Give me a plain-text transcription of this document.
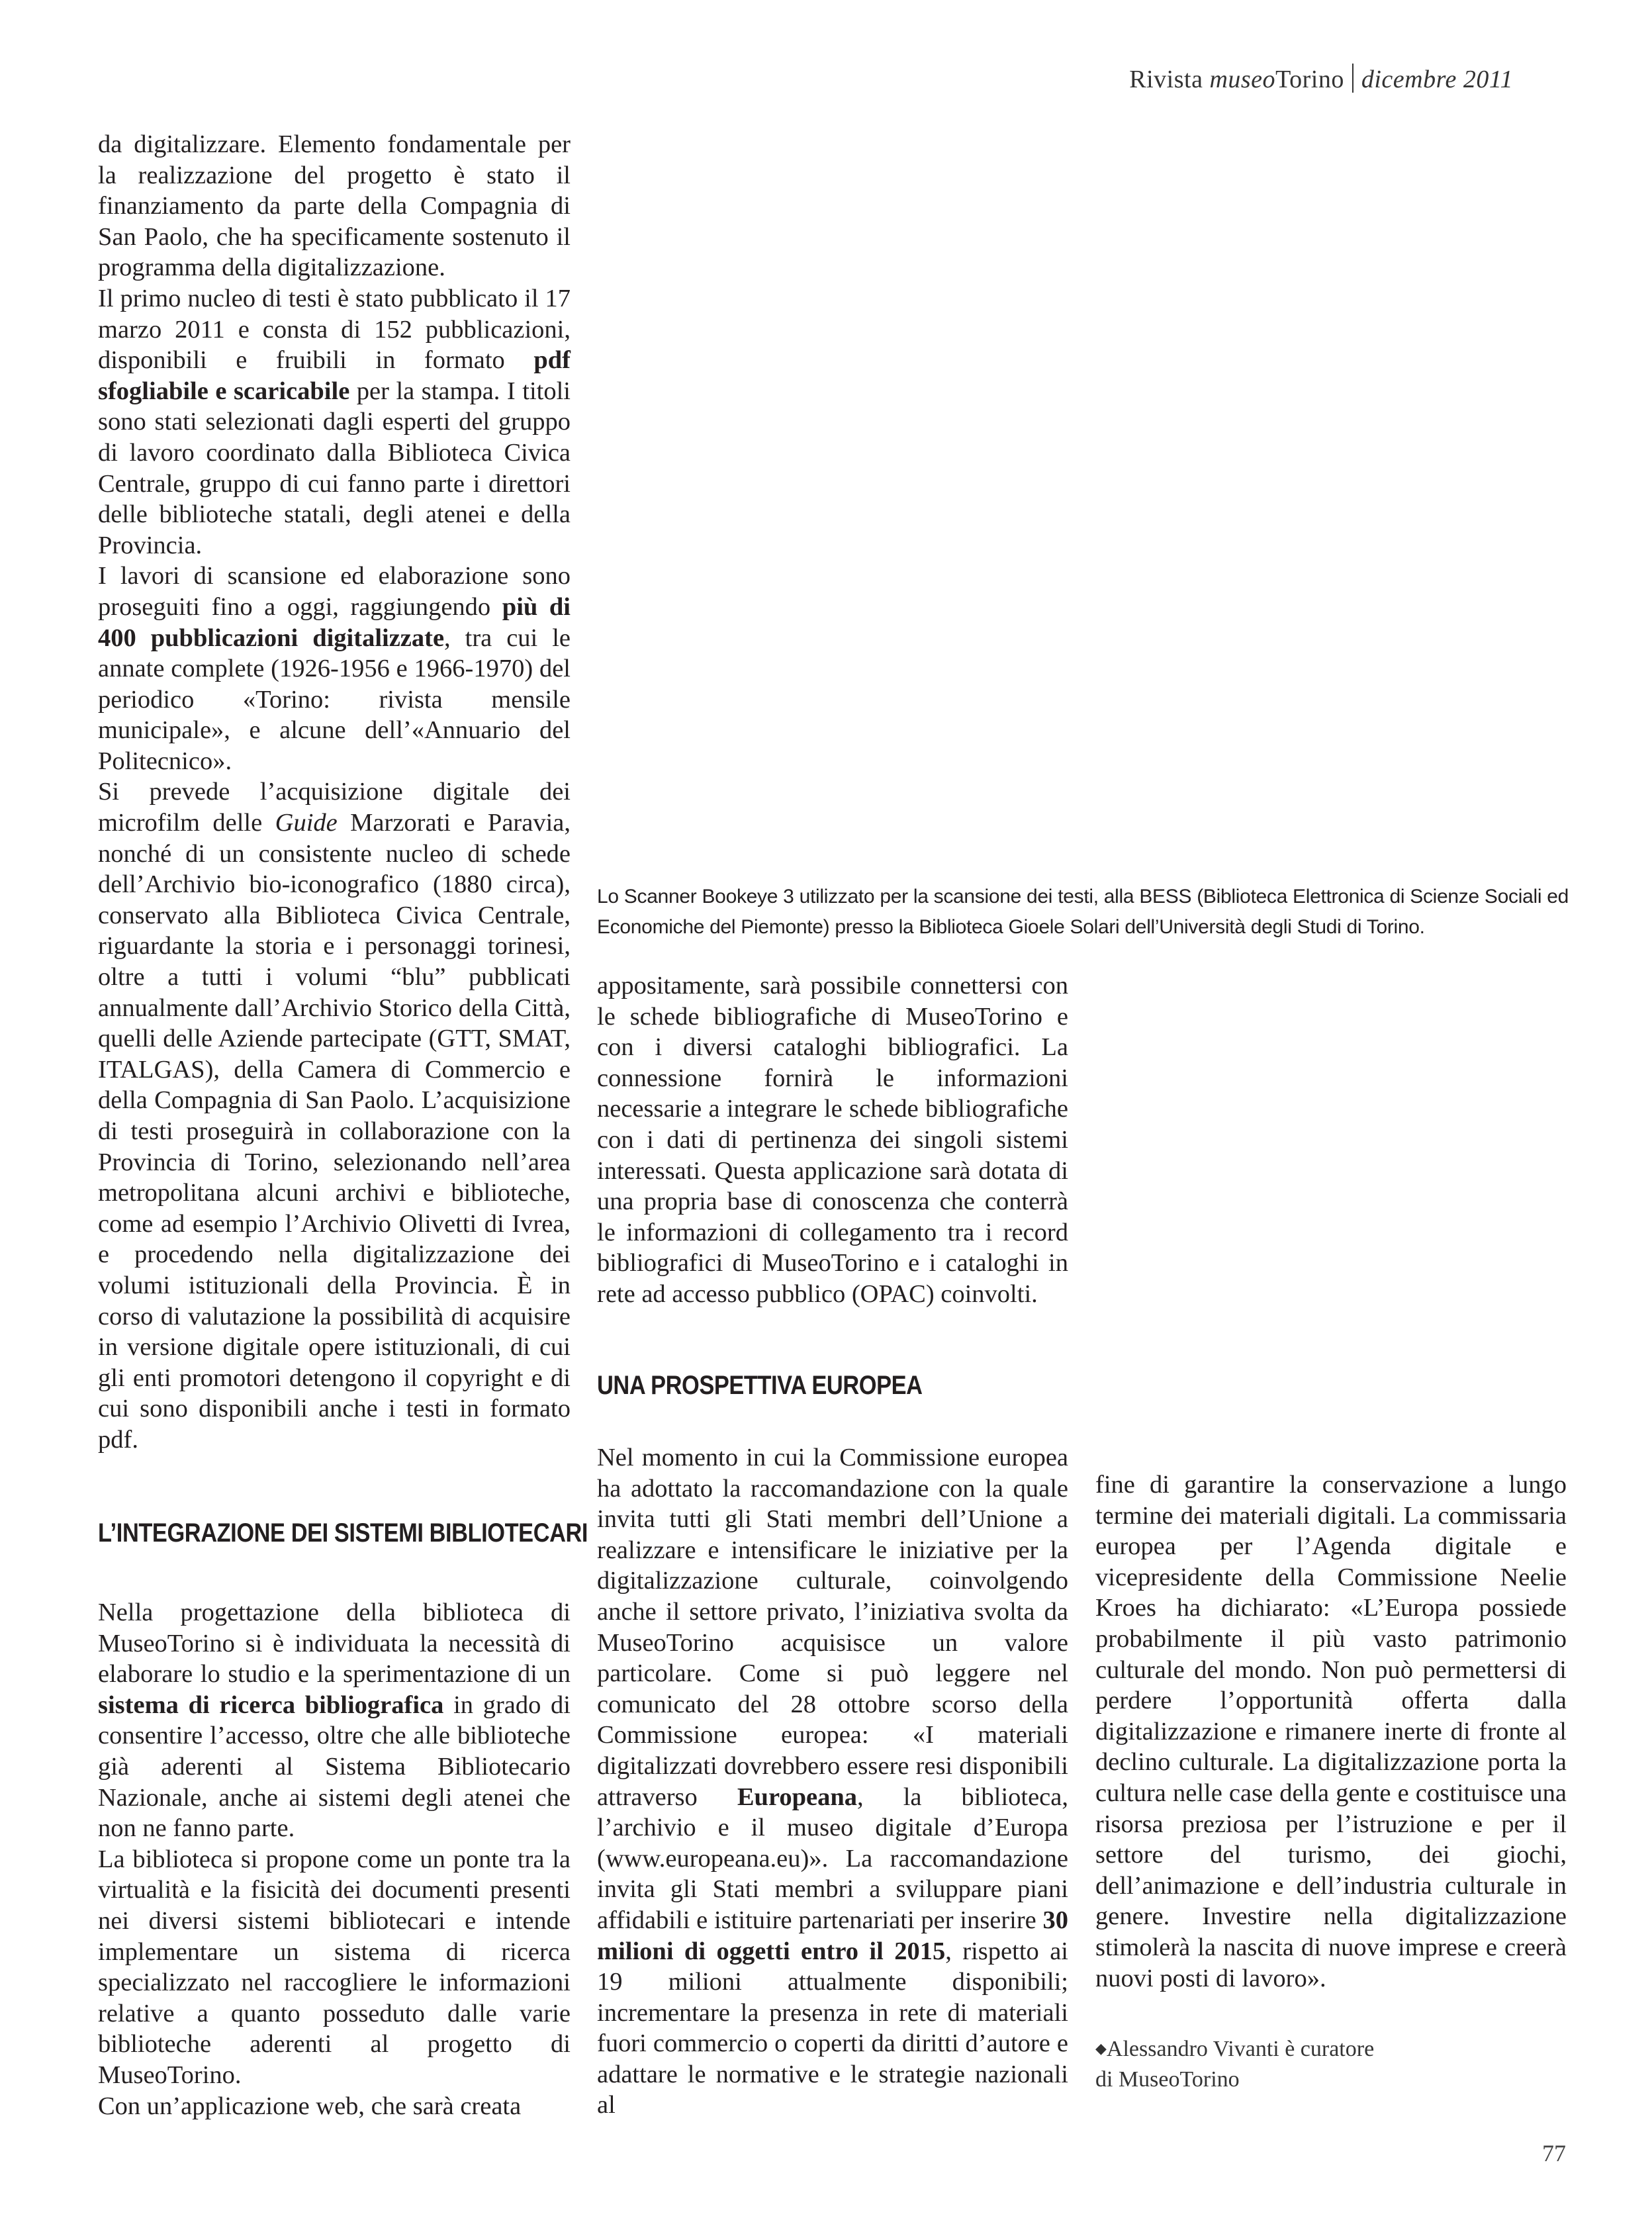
Rivista museoTorino dicembre 2011

da digitalizzare. Elemento fondamentale per la realizzazione del progetto è stato il finanziamento da parte della Compagnia di San Paolo, che ha specificamente sostenuto il programma della digitalizzazione.

Il primo nucleo di testi è stato pubblicato il 17 marzo 2011 e consta di 152 pubblicazioni, disponibili e fruibili in formato pdf sfogliabile e scaricabile per la stampa. I titoli sono stati selezionati dagli esperti del gruppo di lavoro coordinato dalla Biblioteca Civica Centrale, gruppo di cui fanno parte i direttori delle biblioteche statali, degli atenei e della Provincia.

I lavori di scansione ed elaborazione sono proseguiti fino a oggi, raggiungendo più di 400 pubblicazioni digitalizzate, tra cui le annate complete (1926-1956 e 1966-1970) del periodico «Torino: rivista mensile municipale», e alcune dell’«Annuario del Politecnico».

Si prevede l’acquisizione digitale dei microfilm delle Guide Marzorati e Paravia, nonché di un consistente nucleo di schede dell’Archivio bio-iconografico (1880 circa), conservato alla Biblioteca Civica Centrale, riguardante la storia e i personaggi torinesi, oltre a tutti i volumi “blu” pubblicati annualmente dall’Archivio Storico della Città, quelli delle Aziende partecipate (GTT, SMAT, ITALGAS), della Camera di Commercio e della Compagnia di San Paolo. L’acquisizione di testi proseguirà in collaborazione con la Provincia di Torino, selezionando nell’area metropolitana alcuni archivi e biblioteche, come ad esempio l’Archivio Olivetti di Ivrea, e procedendo nella digitalizzazione dei volumi istituzionali della Provincia. È in corso di valutazione la possibilità di acquisire in versione digitale opere istituzionali, di cui gli enti promotori detengono il copyright e di cui sono disponibili anche i testi in formato pdf.

L’INTEGRAZIONE DEI SISTEMI BIBLIOTECARI

Nella progettazione della biblioteca di MuseoTorino si è individuata la necessità di elaborare lo studio e la sperimentazione di un sistema di ricerca bibliografica in grado di consentire l’accesso, oltre che alle biblioteche già aderenti al Sistema Bibliotecario Nazionale, anche ai sistemi degli atenei che non ne fanno parte.

La biblioteca si propone come un ponte tra la virtualità e la fisicità dei documenti presenti nei diversi sistemi bibliotecari e intende implementare un sistema di ricerca specializzato nel raccogliere le informazioni relative a quanto posseduto dalle varie biblioteche aderenti al progetto di MuseoTorino.

Con un’applicazione web, che sarà creata

Lo Scanner Bookeye 3 utilizzato per la scansione dei testi, alla BESS (Biblioteca Elettronica di Scienze Sociali ed Economiche del Piemonte) presso la Biblioteca Gioele Solari dell’Università degli Studi di Torino.

appositamente, sarà possibile connettersi con le schede bibliografiche di MuseoTorino e con i diversi cataloghi bibliografici. La connessione fornirà le informazioni necessarie a integrare le schede bibliografiche con i dati di pertinenza dei singoli sistemi interessati. Questa applicazione sarà dotata di una propria base di conoscenza che conterrà le informazioni di collegamento tra i record bibliografici di MuseoTorino e i cataloghi in rete ad accesso pubblico (OPAC) coinvolti.

UNA PROSPETTIVA EUROPEA

Nel momento in cui la Commissione europea ha adottato la raccomandazione con la quale invita tutti gli Stati membri dell’Unione a realizzare e intensificare le iniziative per la digitalizzazione culturale, coinvolgendo anche il settore privato, l’iniziativa svolta da MuseoTorino acquisisce un valore particolare. Come si può leggere nel comunicato del 28 ottobre scorso della Commissione europea: «I materiali digitalizzati dovrebbero essere resi disponibili attraverso Europeana, la biblioteca, l’archivio e il museo digitale d’Europa (www.europeana.eu)». La raccomandazione invita gli Stati membri a sviluppare piani affidabili e istituire partenariati per inserire 30 milioni di oggetti entro il 2015, rispetto ai 19 milioni attualmente disponibili; incrementare la presenza in rete di materiali fuori commercio o coperti da diritti d’autore e adattare le normative e le strategie nazionali al

fine di garantire la conservazione a lungo termine dei materiali digitali. La commissaria europea per l’Agenda digitale e vicepresidente della Commissione Neelie Kroes ha dichiarato: «L’Europa possiede probabilmente il più vasto patrimonio culturale del mondo. Non può permettersi di perdere l’opportunità offerta dalla digitalizzazione e rimanere inerte di fronte al declino culturale. La digitalizzazione porta la cultura nelle case della gente e costituisce una risorsa preziosa per l’istruzione e per il settore del turismo, dei giochi, dell’animazione e dell’industria culturale in genere. Investire nella digitalizzazione stimolerà la nascita di nuove imprese e creerà nuovi posti di lavoro».

◆Alessandro Vivanti è curatore
di MuseoTorino
77
